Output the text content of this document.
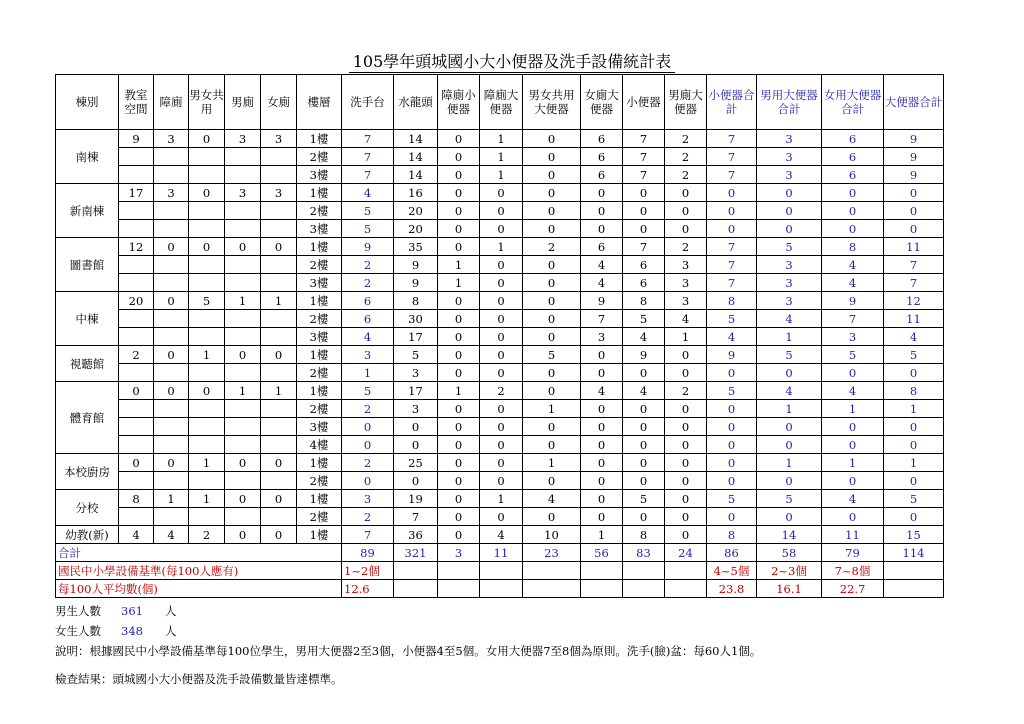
105學年頭城國小大小便器及洗手設備統計表
棟別	教室空間	障廁	男女共用	男廁	女廁	樓層	洗手台	水龍頭	障廁小便器	障廁大便器	男女共用大便器	女廁大便器	小便器	男廁大便器	小便器合計	男用大便器合計	女用大便器合計	大便器合計
南棟	9	3	0	3	3	1樓	7	14	0	1	0	6	7	2	7	3	6	9
						2樓	7	14	0	1	0	6	7	2	7	3	6	9
						3樓	7	14	0	1	0	6	7	2	7	3	6	9
新南棟	17	3	0	3	3	1樓	4	16	0	0	0	0	0	0	0	0	0	0
						2樓	5	20	0	0	0	0	0	0	0	0	0	0
						3樓	5	20	0	0	0	0	0	0	0	0	0	0
圖書館	12	0	0	0	0	1樓	9	35	0	1	2	6	7	2	7	5	8	11
						2樓	2	9	1	0	0	4	6	3	7	3	4	7
						3樓	2	9	1	0	0	4	6	3	7	3	4	7
中棟	20	0	5	1	1	1樓	6	8	0	0	0	9	8	3	8	3	9	12
						2樓	6	30	0	0	0	7	5	4	5	4	7	11
						3樓	4	17	0	0	0	3	4	1	4	1	3	4
視聽館	2	0	1	0	0	1樓	3	5	0	0	5	0	9	0	9	5	5	5
						2樓	1	3	0	0	0	0	0	0	0	0	0	0
體育館	0	0	0	1	1	1樓	5	17	1	2	0	4	4	2	5	4	4	8
						2樓	2	3	0	0	1	0	0	0	0	1	1	1
						3樓	0	0	0	0	0	0	0	0	0	0	0	0
						4樓	0	0	0	0	0	0	0	0	0	0	0	0
本校廚房	0	0	1	0	0	1樓	2	25	0	0	1	0	0	0	0	1	1	1
						2樓	0	0	0	0	0	0	0	0	0	0	0	0
分校	8	1	1	0	0	1樓	3	19	0	1	4	0	5	0	5	5	4	5
						2樓	2	7	0	0	0	0	0	0	0	0	0	0
幼教(新)	4	4	2	0	0	1樓	7	36	0	4	10	1	8	0	8	14	11	15
合計							89	321	3	11	23	56	83	24	86	58	79	114
國民中小學設備基準(每100人應有)							1~2個								4~5個	2~3個	7~8個	
每100人平均數(個)							12.6								23.8	16.1	22.7	
男生人數 361 人
女生人數 348 人
說明：根據國民中小學設備基準每100位學生，男用大便器2至3個，小便器4至5個。女用大便器7至8個為原則。洗手(臉)盆：每60人1個。
檢查結果：頭城國小大小便器及洗手設備數量皆達標準。
